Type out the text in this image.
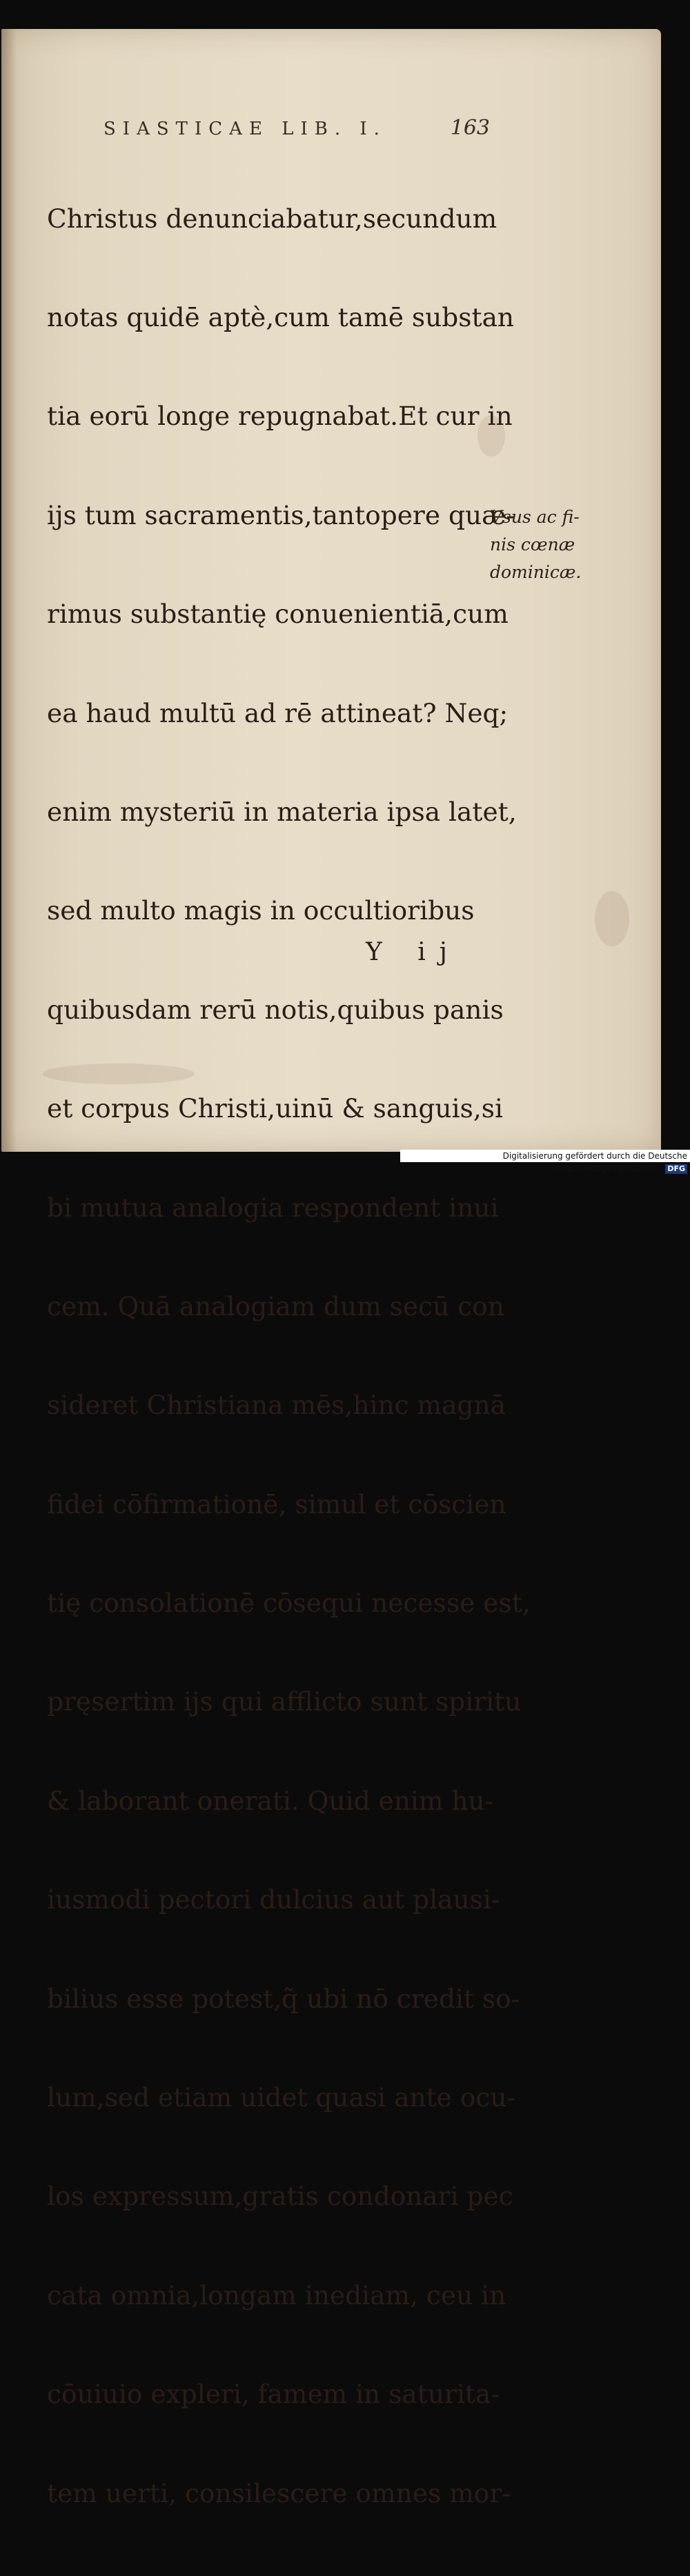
SIASTICAE LIB. I.	163

Christus denunciabatur,secundum

notas quidē aptè,cum tamē substan

tia eorū longe repugnabat.Et cur in

ijs tum sacramentis,tantopere quæ-

rimus substantię conuenientiā,cum

ea haud multū ad rē attineat? Neq;

enim mysteriū in materia ipsa latet,

sed multo magis in occultioribus

quibusdam rerū notis,quibus panis

et corpus Christi,uinū & sanguis,si

bi mutua analogia respondent inui

cem. Quā analogiam dum secū con

sideret Christiana mēs,hinc magnā

fidei cōfirmationē, simul et cōscien

tię consolationē cōsequi necesse est,

pręsertim ijs qui afflicto sunt spiritu

& laborant onerati. Quid enim hu-

iusmodi pectori dulcius aut plausi-

bilius esse potest,q̃ ubi nō credit so-

lum,sed etiam uidet quasi ante ocu-

los expressum,gratis condonari pec

cata omnia,longam inediam, ceu in

cōuiuio expleri, famem in saturita-

tem uerti, consilescere omnes mor-

Vsus ac fi-
nis cœnæ
dominicæ.
Y ij
Digitalisierung gefördert durch die Deutsche Forschungsgemeinschaft - DFG
